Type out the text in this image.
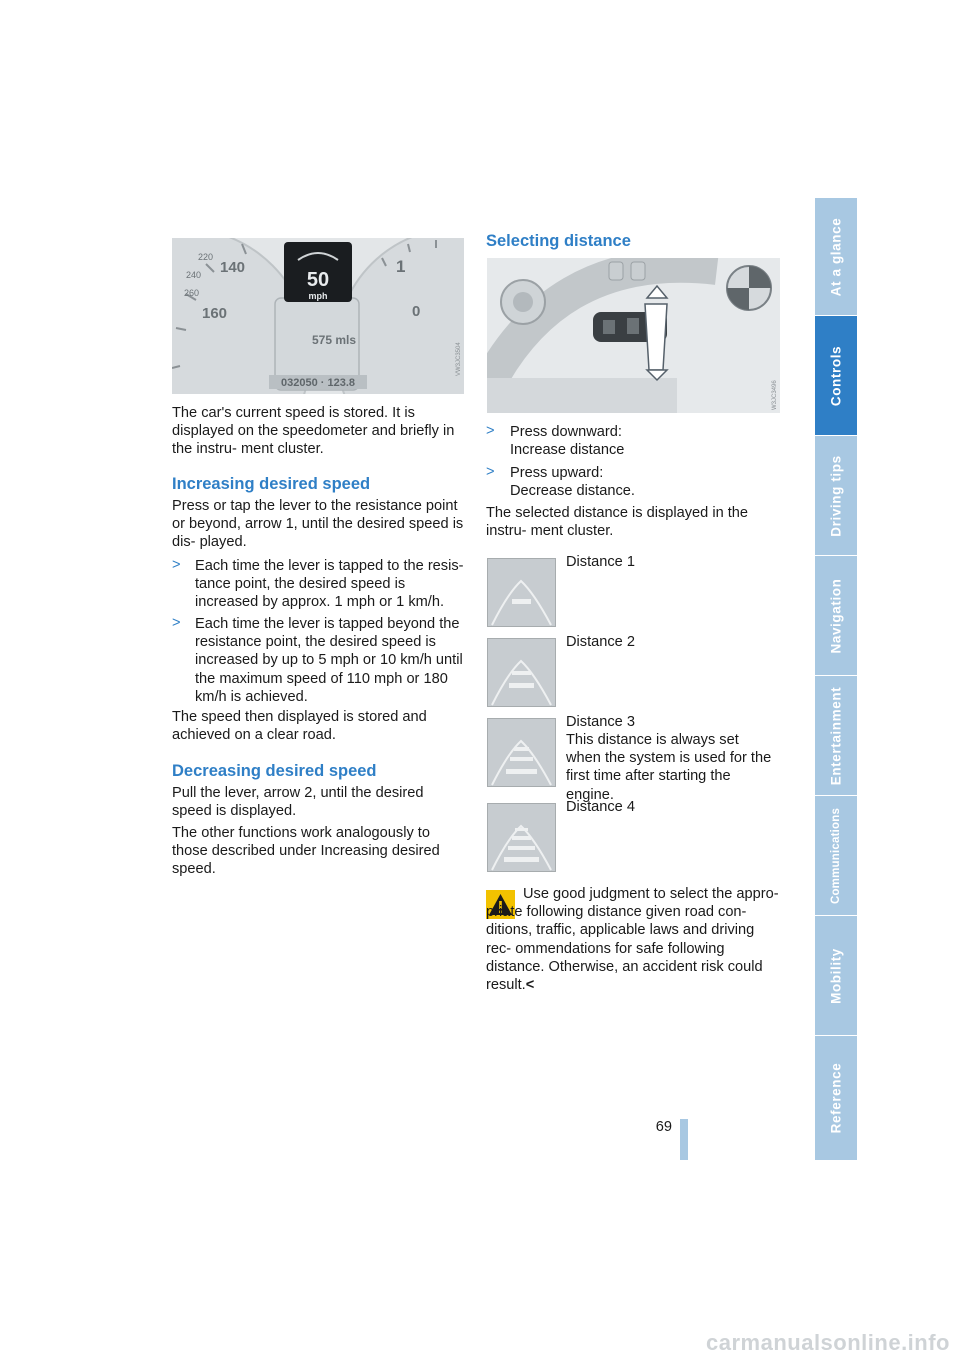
At a glance
Controls
Driving tips
Navigation
Entertainment
Communications
Mobility
Reference
220
240 140
260
160
1
0
50
mph
575 mls
032050 · 123.8
VW3JC3504

The car's current speed is stored. It is displayed on the speedometer and briefly in the instru- ment cluster.

Increasing desired speed

Press or tap the lever to the resistance point or beyond, arrow 1, until the desired speed is dis- played.

> Each time the lever is tapped to the resis- tance point, the desired speed is increased by approx. 1 mph or 1 km/h.

> Each time the lever is tapped beyond the resistance point, the desired speed is increased by up to 5 mph or 10 km/h until the maximum speed of 110 mph or 180 km/h is achieved.

The speed then displayed is stored and achieved on a clear road.

Decreasing desired speed

Pull the lever, arrow 2, until the desired speed is displayed.

The other functions work analogously to those described under Increasing desired speed.

Selecting distance
W3JC3496
> Press downward:

Increase distance

> Press upward:

Decrease distance.

The selected distance is displayed in the instru- ment cluster.

Distance 1

Distance 2

Distance 3

This distance is always set when the system is used for the first time after starting the engine.

Distance 4

Use good judgment to select the appro- priate following distance given road con- ditions, traffic, applicable laws and driving rec- ommendations for safe following distance. Otherwise, an accident risk could result.<

69

carmanualsonline.info
